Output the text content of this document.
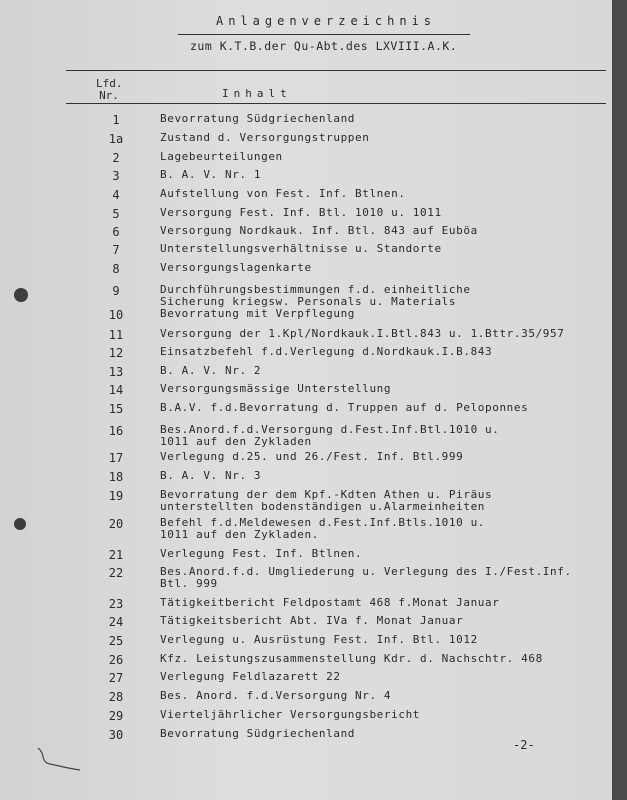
Anlagenverzeichnis
zum K.T.B.der Qu-Abt.des LXVIII.A.K.
Lfd.
Nr.	Inhalt
1	Bevorratung Südgriechenland
1a	Zustand d. Versorgungstruppen
2	Lagebeurteilungen
3	B. A. V. Nr. 1
4	Aufstellung von Fest. Inf. Btlnen.
5	Versorgung Fest. Inf. Btl. 1010 u. 1011
6	Versorgung Nordkauk. Inf. Btl. 843 auf Euböa
7	Unterstellungsverhältnisse u. Standorte
8	Versorgungslagenkarte
9	Durchführungsbestimmungen f.d. einheitliche
Sicherung kriegsw. Personals u. Materials
10	Bevorratung mit Verpflegung
11	Versorgung der 1.Kpl/Nordkauk.I.Btl.843 u. 1.Bttr.35/957
12	Einsatzbefehl f.d.Verlegung d.Nordkauk.I.B.843
13	B. A. V. Nr. 2
14	Versorgungsmässige Unterstellung
15	B.A.V. f.d.Bevorratung d. Truppen auf d. Peloponnes
16	Bes.Anord.f.d.Versorgung d.Fest.Inf.Btl.1010 u.
1011 auf den Zykladen
17	Verlegung d.25. und 26./Fest. Inf. Btl.999
18	B. A. V. Nr. 3
19	Bevorratung der dem Kpf.-Kdten Athen u. Piräus
unterstellten bodenständigen u.Alarmeinheiten
20	Befehl f.d.Meldewesen d.Fest.Inf.Btls.1010 u.
1011 auf den Zykladen.
21	Verlegung Fest. Inf. Btlnen.
22	Bes.Anord.f.d. Umgliederung u. Verlegung des I./Fest.Inf.
Btl. 999
23	Tätigkeitbericht Feldpostamt 468 f.Monat Januar
24	Tätigkeitsbericht Abt. IVa f. Monat Januar
25	Verlegung u. Ausrüstung Fest. Inf. Btl. 1012
26	Kfz. Leistungszusammenstellung Kdr. d. Nachschtr. 468
27	Verlegung Feldlazarett 22
28	Bes. Anord. f.d.Versorgung Nr. 4
29	Vierteljährlicher Versorgungsbericht
30	Bevorratung Südgriechenland
-2-
